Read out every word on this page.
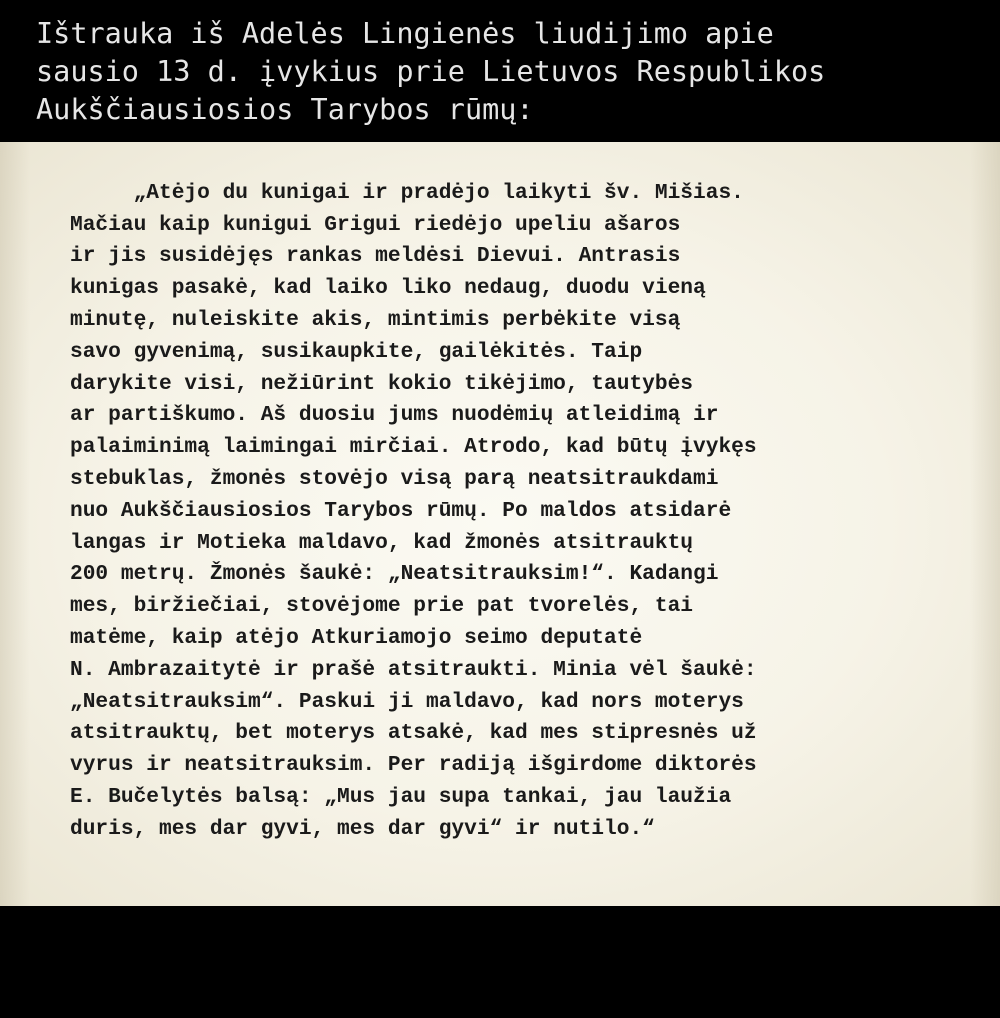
Ištrauka iš Adelės Lingienės liudijimo apie
sausio 13 d. įvykius prie Lietuvos Respublikos
Aukščiausiosios Tarybos rūmų:
„Atėjo du kunigai ir pradėjo laikyti šv. Mišias.
Mačiau kaip kunigui Grigui riedėjo upeliu ašaros
ir jis susidėjęs rankas meldėsi Dievui. Antrasis
kunigas pasakė, kad laiko liko nedaug, duodu vieną
minutę, nuleiskite akis, mintimis perbėkite visą
savo gyvenimą, susikaupkite, gailėkitės. Taip
darykite visi, nežiūrint kokio tikėjimo, tautybės
ar partiškumo. Aš duosiu jums nuodėmių atleidimą ir
palaiminimą laimingai mirčiai. Atrodo, kad būtų įvykęs
stebuklas, žmonės stovėjo visą parą neatsitraukdami
nuo Aukščiausiosios Tarybos rūmų. Po maldos atsidarė
langas ir Motieka maldavo, kad žmonės atsitrauktų
200 metrų. Žmonės šaukė: „Neatsitrauksim!“. Kadangi
mes, biržiečiai, stovėjome prie pat tvorelės, tai
matėme, kaip atėjo Atkuriamojo seimo deputatė
N. Ambrazaitytė ir prašė atsitraukti. Minia vėl šaukė:
„Neatsitrauksim“. Paskui ji maldavo, kad nors moterys
atsitrauktų, bet moterys atsakė, kad mes stipresnės už
vyrus ir neatsitrauksim. Per radiją išgirdome diktorės
E. Bučelytės balsą: „Mus jau supa tankai, jau laužia
duris, mes dar gyvi, mes dar gyvi“ ir nutilo.“
